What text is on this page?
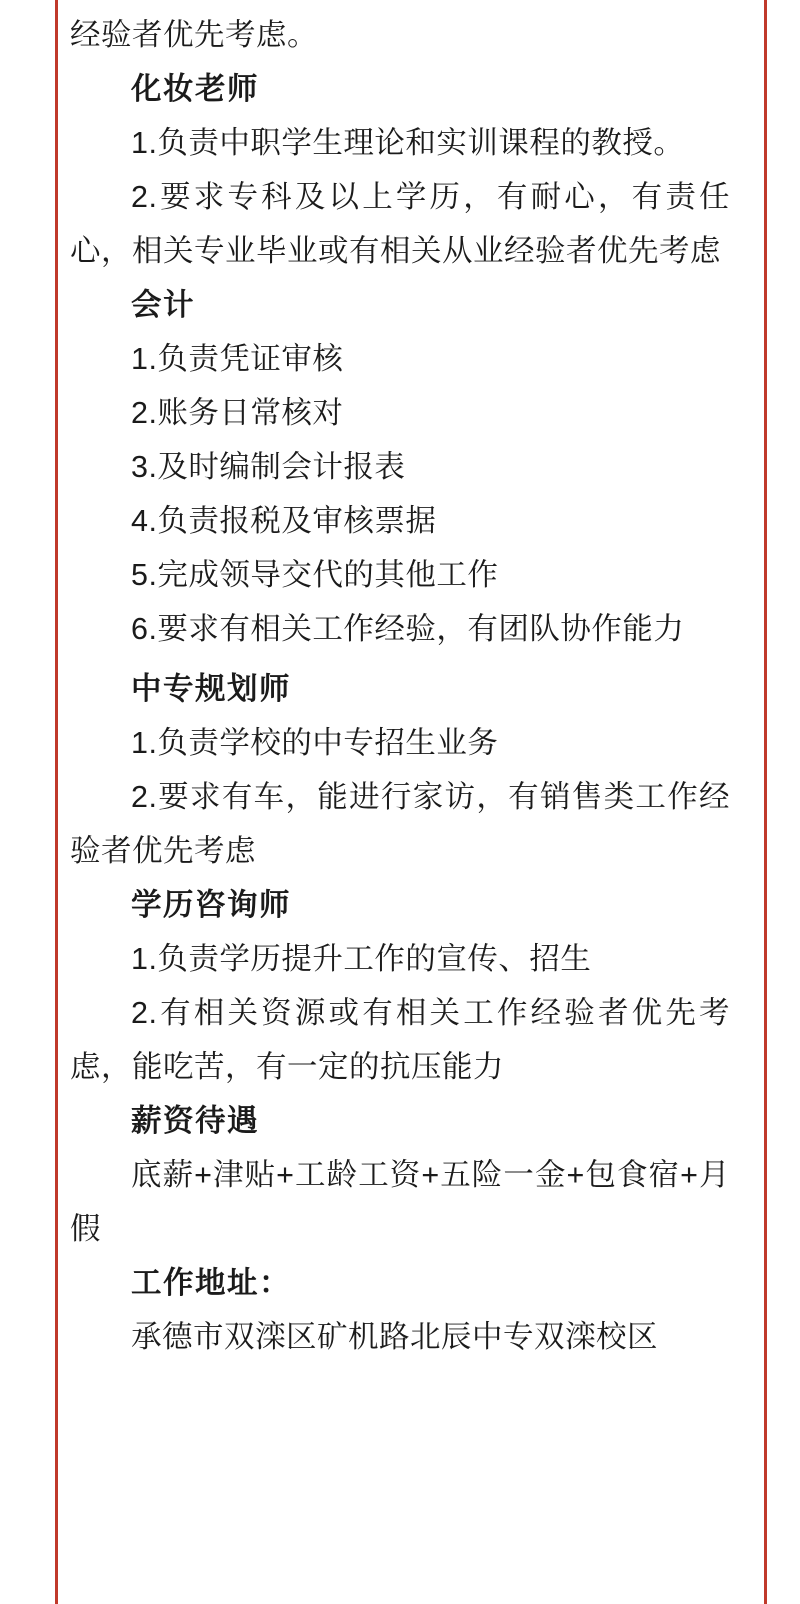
经验者优先考虑。

化妆老师

1.负责中职学生理论和实训课程的教授。

2.要求专科及以上学历，有耐心，有责任心，相关专业毕业或有相关从业经验者优先考虑

会计

1.负责凭证审核

2.账务日常核对

3.及时编制会计报表

4.负责报税及审核票据

5.完成领导交代的其他工作

6.要求有相关工作经验，有团队协作能力

中专规划师

1.负责学校的中专招生业务

2.要求有车，能进行家访，有销售类工作经验者优先考虑

学历咨询师

1.负责学历提升工作的宣传、招生

2.有相关资源或有相关工作经验者优先考虑，能吃苦，有一定的抗压能力

薪资待遇

底薪+津贴+工龄工资+五险一金+包食宿+月假

工作地址：

承德市双滦区矿机路北辰中专双滦校区
